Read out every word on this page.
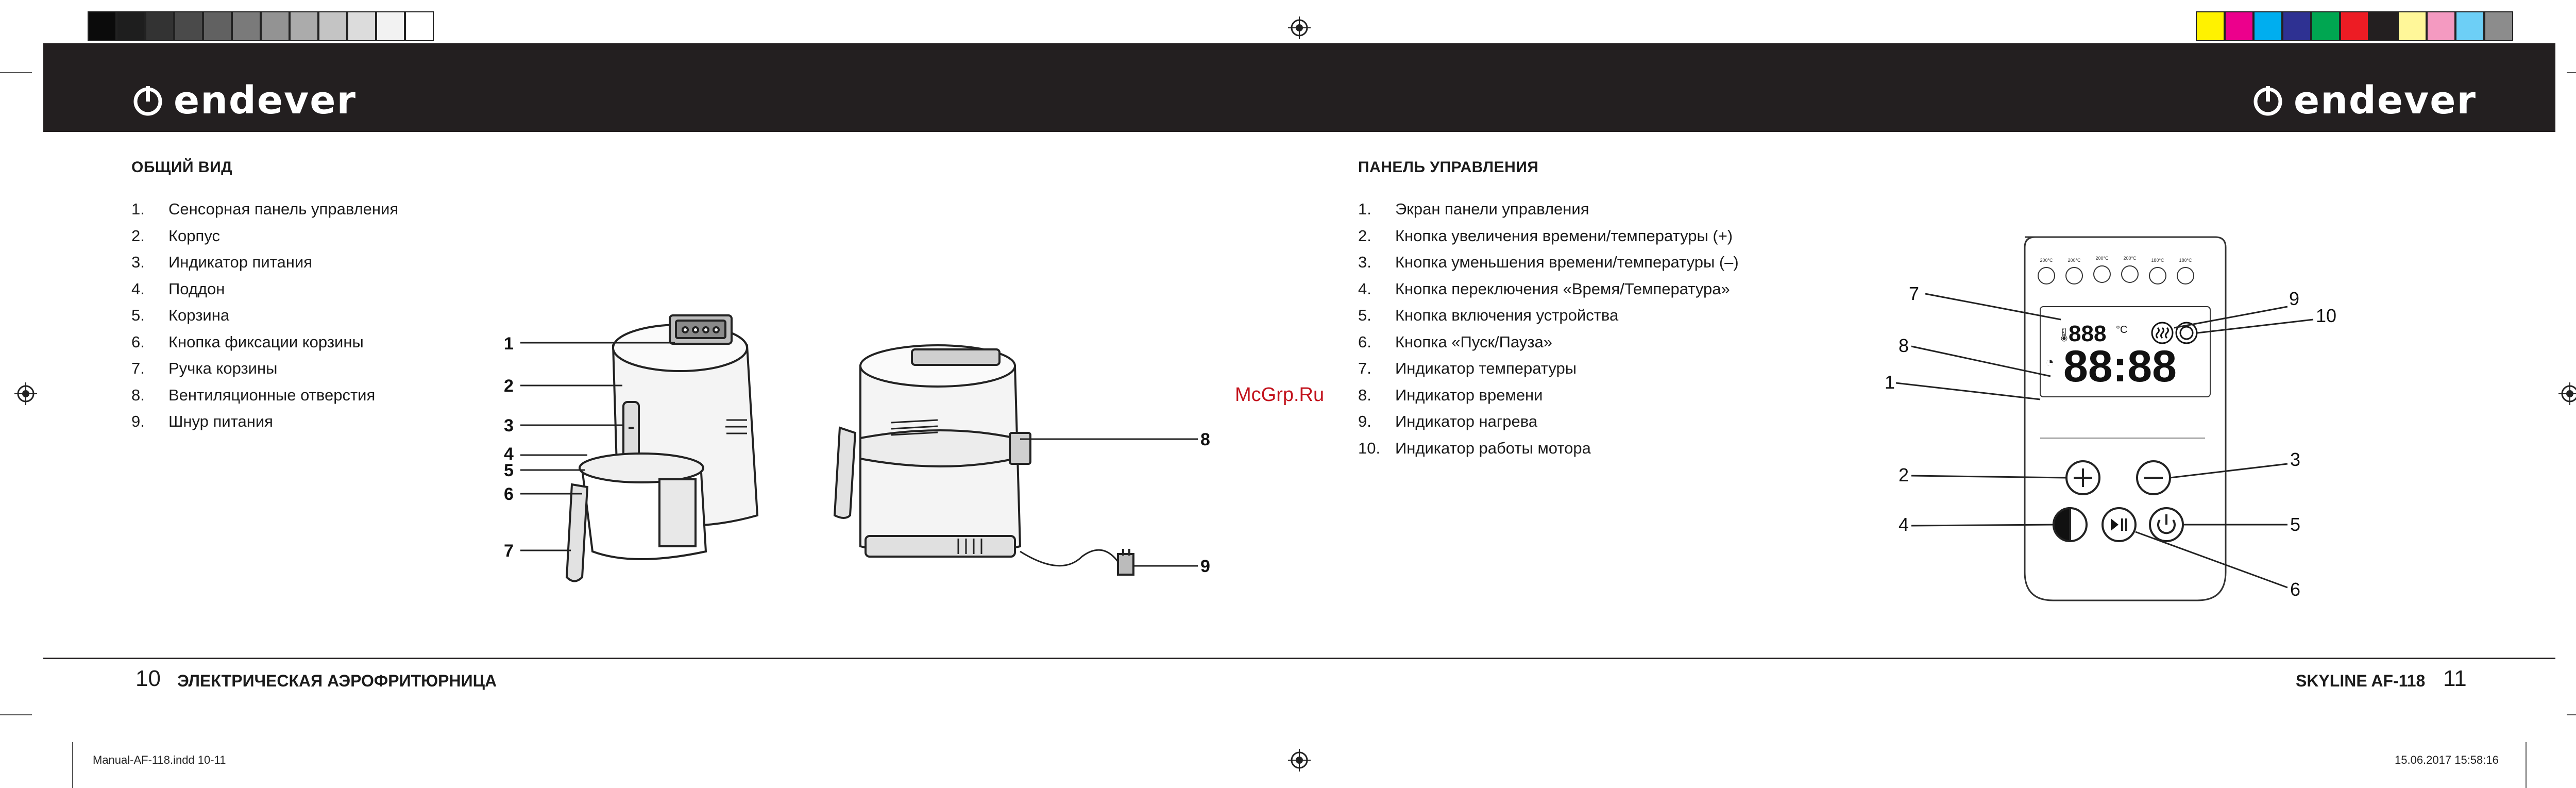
endever	endever
ОБЩИЙ ВИД
1.	Сенсорная панель управления
2.	Корпус
3.	Индикатор питания
4.	Поддон
5.	Корзина
6.	Кнопка фиксации корзины
7.	Ручка корзины
8.	Вентиляционные отверстия
9.	Шнур питания
1
2
3
4
5
6
7
8
9
McGrp.Ru
ПАНЕЛЬ УПРАВЛЕНИЯ
1.	Экран панели управления
2.	Кнопка увеличения времени/температуры (+)
3.	Кнопка уменьшения времени/температуры (–)
4.	Кнопка переключения «Время/Температура»
5.	Кнопка включения устройства
6.	Кнопка «Пуск/Пауза»
7.	Индикатор температуры
8.	Индикатор времени
9.	Индикатор нагрева
10. Индикатор работы мотора
200°C	200°C	200°C	200°C	180°C	180°C
🌡
888 °C
◔ 88:88
7
8
1
9
10
2
3
4	5
6
10 ЭЛЕКТРИЧЕСКАЯ АЭРОФРИТЮРНИЦА	SKYLINE AF-118 11
Manual-AF-118.indd 10-11	15.06.2017 15:58:16
